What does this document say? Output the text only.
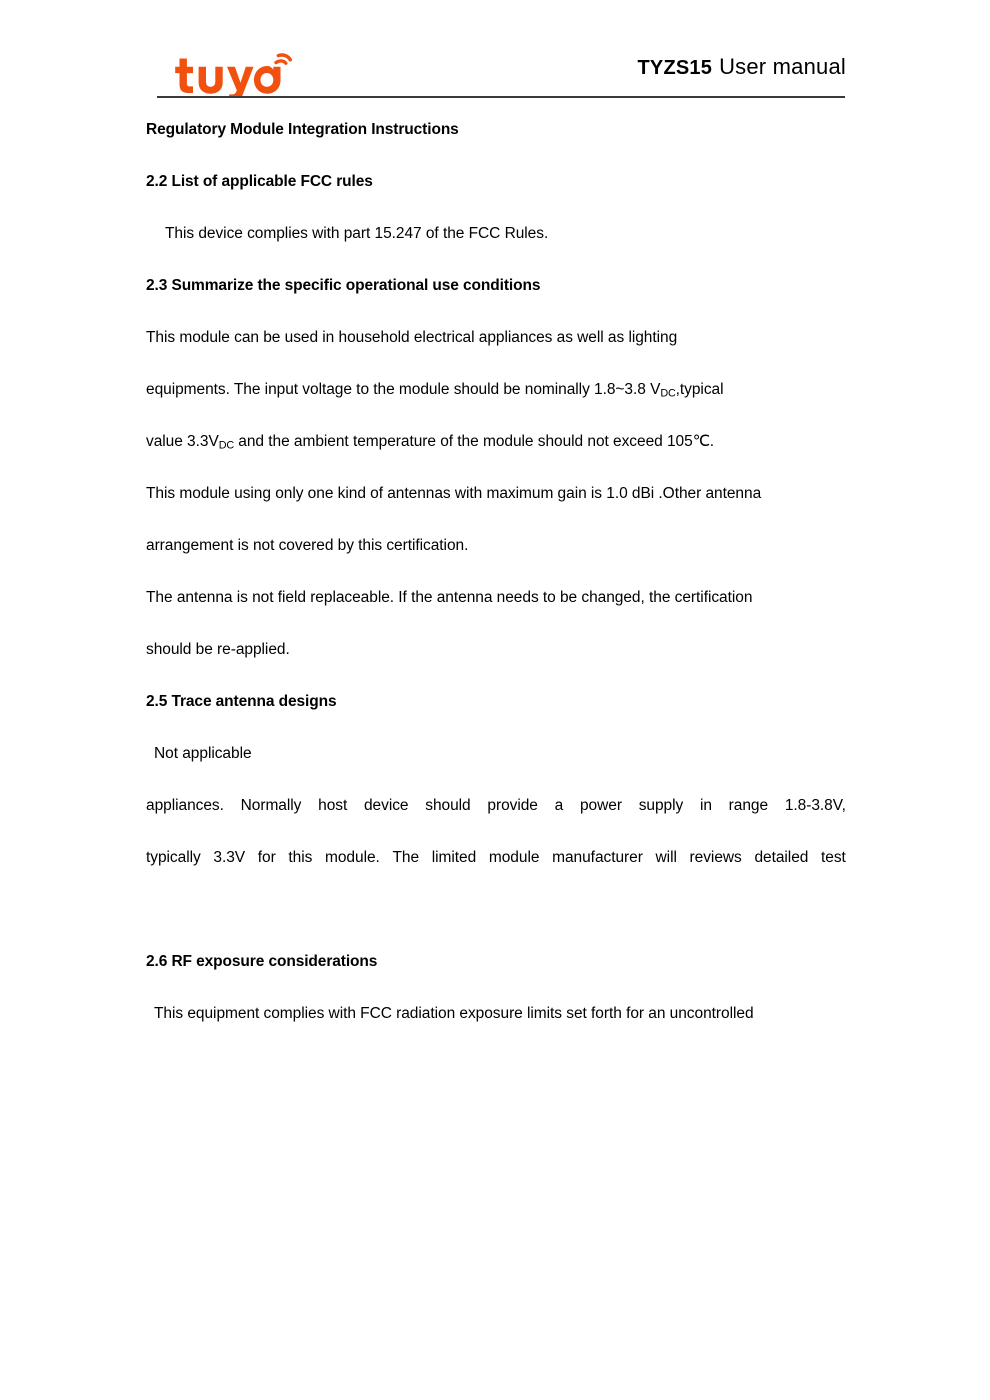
TYZS15 User manual
Regulatory Module Integration Instructions
2.2 List of applicable FCC rules
This device complies with part 15.247 of the FCC Rules.
2.3 Summarize the specific operational use conditions
This module can be used in household electrical appliances as well as lighting
equipments. The input voltage to the module should be nominally 1.8~3.8 $V_{DC},typical$
value $3.3V_{DC}$ and the ambient temperature of the module should not exceed 105℃.
This module using only one kind of antennas with maximum gain is 1.0 dBi .Other antenna
arrangement is not covered by this certification.
The antenna is not field replaceable. If the antenna needs to be changed, the certification
should be re-applied.
2.5 Trace antenna designs
Not applicable
appliances. Normally host device should provide a power supply in range 1.8-3.8V,
typically 3.3V for this module. The limited module manufacturer will reviews detailed test
2.6 RF exposure considerations
This equipment complies with FCC radiation exposure limits set forth for an uncontrolled
